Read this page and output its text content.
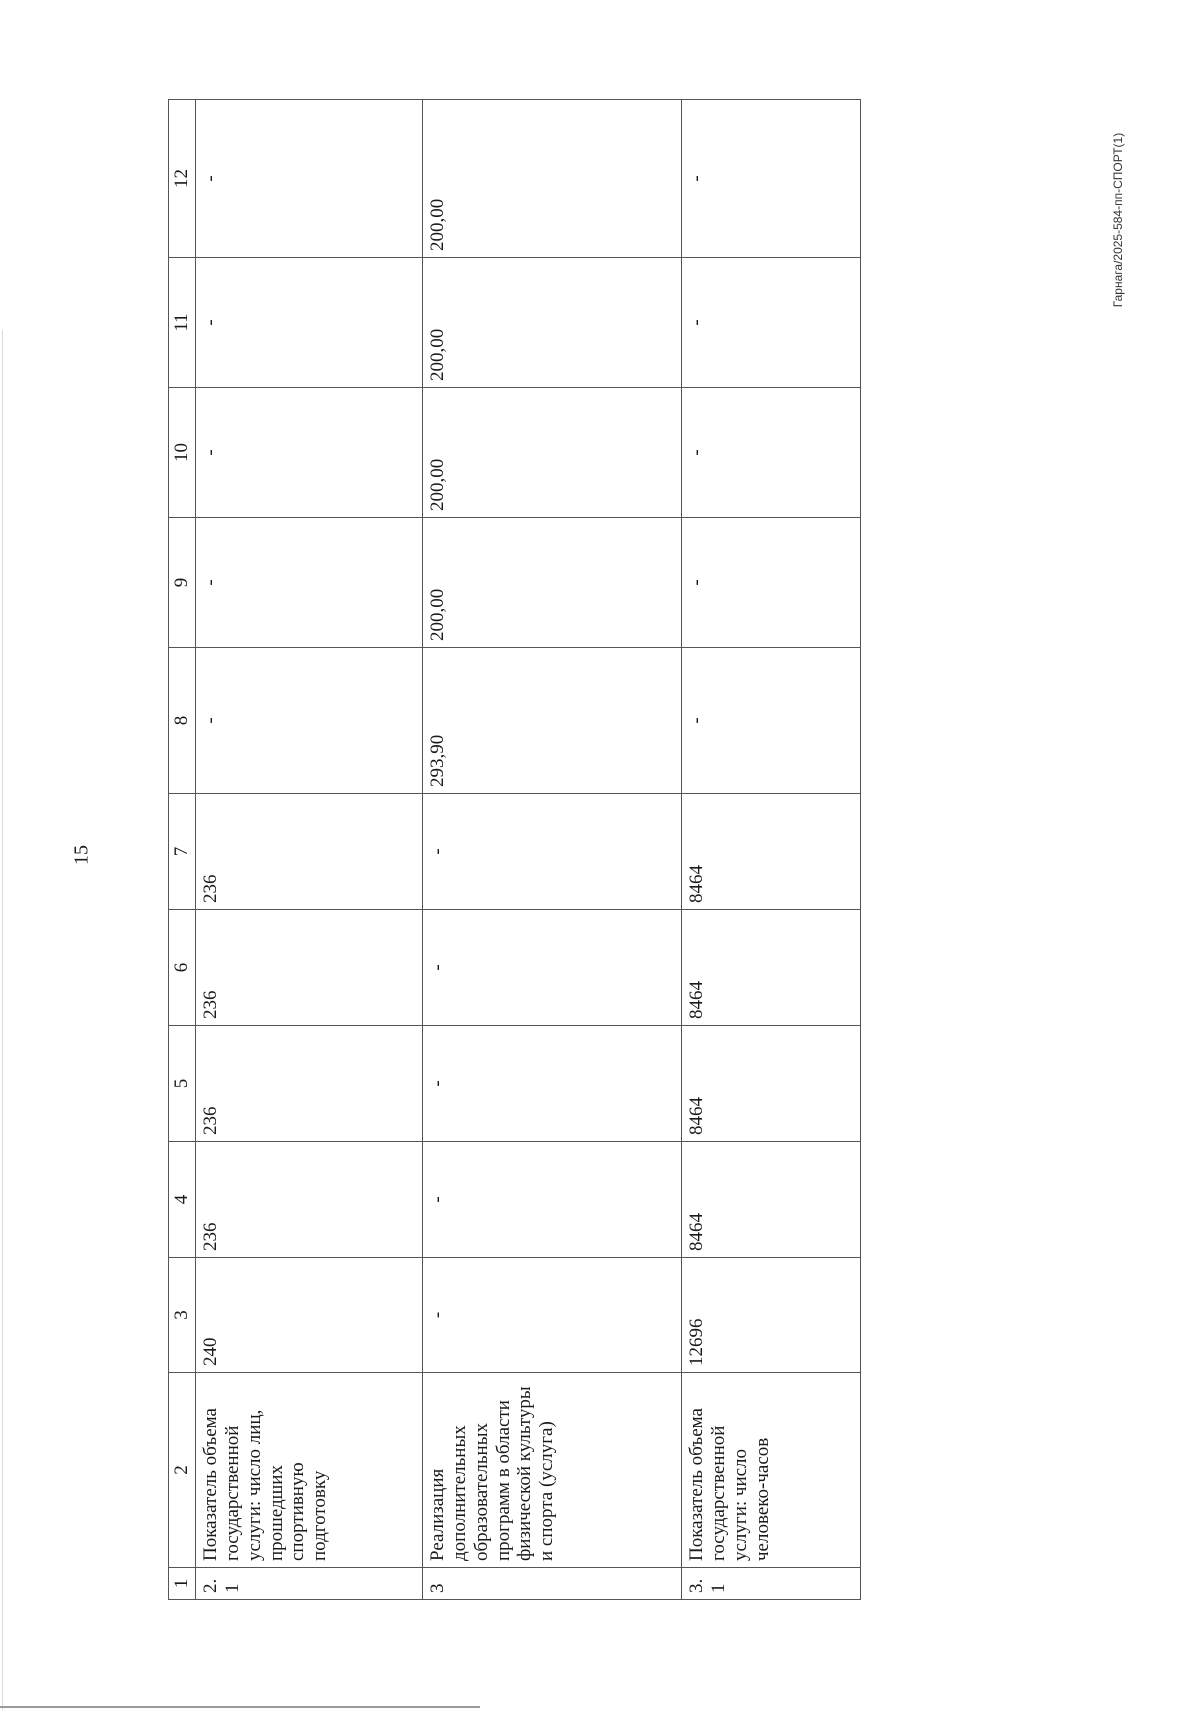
15
Гарнага/2025-584-пп-СПОРТ(1)
1	2	3	4	5	6	7	8	9	10	11	12
2.1	Показатель объема государственной услуги: число лиц, прошедших спортивную подготовку	240	236	236	236	236	-	-	-	-	-
3	Реализация дополнительных образовательных программ в области физической культуры и спорта (услуга)	-	-	-	-	-	293,90	200,00	200,00	200,00	200,00
3.1	Показатель объема государственной услуги: число человеко-часов	12696	8464	8464	8464	8464	-	-	-	-	-
